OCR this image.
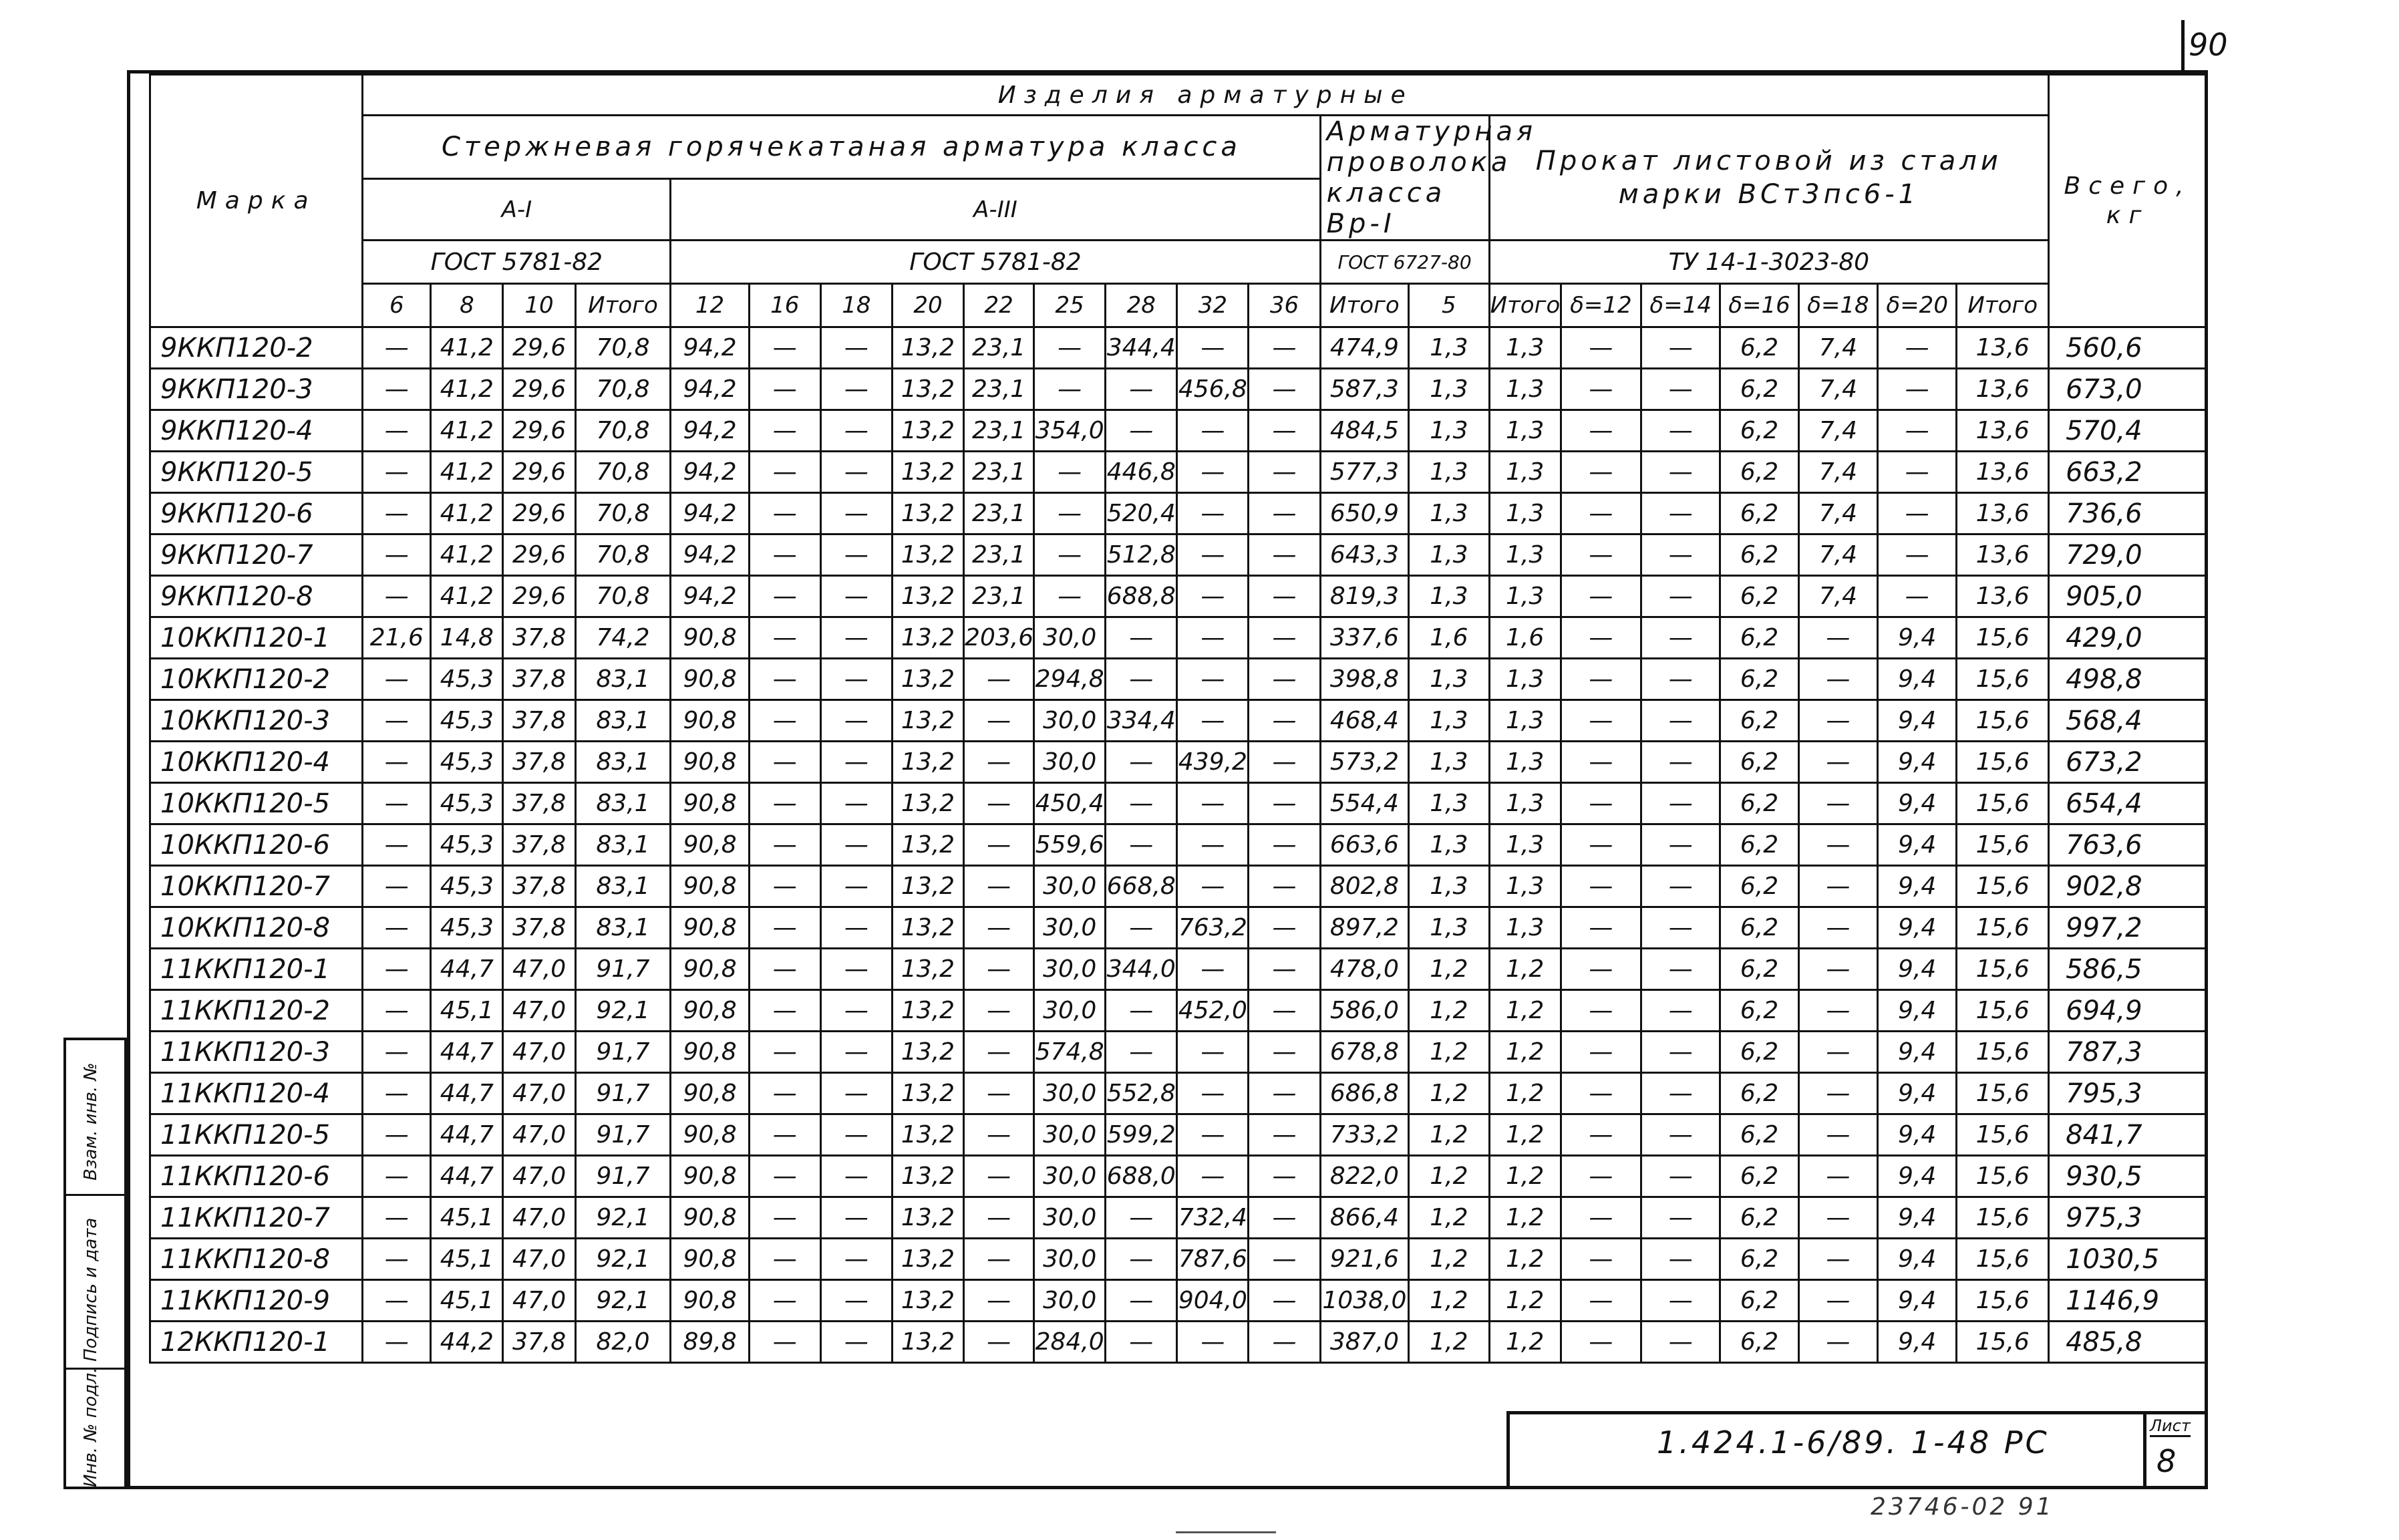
90
Марка	Изделия арматурные																						Всего, кг
	Стержневая горячекатаная арматура класса													Арматурная проволока класса Вр-I		Прокат листовой из стали марки ВСт3пс6-1							
	A-I				A-III																		
	ГОСТ 5781-82				ГОСТ 5781-82									ГОСТ 6727-80		ТУ 14-1-3023-80							
	6	8	10	Итого	12	16	18	20	22	25	28	32	36	Итого	5	Итого	δ=12	δ=14	δ=16	δ=18	δ=20	Итого	
9ККП120-2	—	41,2	29,6	70,8	94,2	—	—	13,2	23,1	—	344,4	—	—	474,9	1,3	1,3	—	—	6,2	7,4	—	13,6	560,6
9ККП120-3	—	41,2	29,6	70,8	94,2	—	—	13,2	23,1	—	—	456,8	—	587,3	1,3	1,3	—	—	6,2	7,4	—	13,6	673,0
9ККП120-4	—	41,2	29,6	70,8	94,2	—	—	13,2	23,1	354,0	—	—	—	484,5	1,3	1,3	—	—	6,2	7,4	—	13,6	570,4
9ККП120-5	—	41,2	29,6	70,8	94,2	—	—	13,2	23,1	—	446,8	—	—	577,3	1,3	1,3	—	—	6,2	7,4	—	13,6	663,2
9ККП120-6	—	41,2	29,6	70,8	94,2	—	—	13,2	23,1	—	520,4	—	—	650,9	1,3	1,3	—	—	6,2	7,4	—	13,6	736,6
9ККП120-7	—	41,2	29,6	70,8	94,2	—	—	13,2	23,1	—	512,8	—	—	643,3	1,3	1,3	—	—	6,2	7,4	—	13,6	729,0
9ККП120-8	—	41,2	29,6	70,8	94,2	—	—	13,2	23,1	—	688,8	—	—	819,3	1,3	1,3	—	—	6,2	7,4	—	13,6	905,0
10ККП120-1	21,6	14,8	37,8	74,2	90,8	—	—	13,2	203,6	30,0	—	—	—	337,6	1,6	1,6	—	—	6,2	—	9,4	15,6	429,0
10ККП120-2	—	45,3	37,8	83,1	90,8	—	—	13,2	—	294,8	—	—	—	398,8	1,3	1,3	—	—	6,2	—	9,4	15,6	498,8
10ККП120-3	—	45,3	37,8	83,1	90,8	—	—	13,2	—	30,0	334,4	—	—	468,4	1,3	1,3	—	—	6,2	—	9,4	15,6	568,4
10ККП120-4	—	45,3	37,8	83,1	90,8	—	—	13,2	—	30,0	—	439,2	—	573,2	1,3	1,3	—	—	6,2	—	9,4	15,6	673,2
10ККП120-5	—	45,3	37,8	83,1	90,8	—	—	13,2	—	450,4	—	—	—	554,4	1,3	1,3	—	—	6,2	—	9,4	15,6	654,4
10ККП120-6	—	45,3	37,8	83,1	90,8	—	—	13,2	—	559,6	—	—	—	663,6	1,3	1,3	—	—	6,2	—	9,4	15,6	763,6
10ККП120-7	—	45,3	37,8	83,1	90,8	—	—	13,2	—	30,0	668,8	—	—	802,8	1,3	1,3	—	—	6,2	—	9,4	15,6	902,8
10ККП120-8	—	45,3	37,8	83,1	90,8	—	—	13,2	—	30,0	—	763,2	—	897,2	1,3	1,3	—	—	6,2	—	9,4	15,6	997,2
11ККП120-1	—	44,7	47,0	91,7	90,8	—	—	13,2	—	30,0	344,0	—	—	478,0	1,2	1,2	—	—	6,2	—	9,4	15,6	586,5
11ККП120-2	—	45,1	47,0	92,1	90,8	—	—	13,2	—	30,0	—	452,0	—	586,0	1,2	1,2	—	—	6,2	—	9,4	15,6	694,9
11ККП120-3	—	44,7	47,0	91,7	90,8	—	—	13,2	—	574,8	—	—	—	678,8	1,2	1,2	—	—	6,2	—	9,4	15,6	787,3
11ККП120-4	—	44,7	47,0	91,7	90,8	—	—	13,2	—	30,0	552,8	—	—	686,8	1,2	1,2	—	—	6,2	—	9,4	15,6	795,3
11ККП120-5	—	44,7	47,0	91,7	90,8	—	—	13,2	—	30,0	599,2	—	—	733,2	1,2	1,2	—	—	6,2	—	9,4	15,6	841,7
11ККП120-6	—	44,7	47,0	91,7	90,8	—	—	13,2	—	30,0	688,0	—	—	822,0	1,2	1,2	—	—	6,2	—	9,4	15,6	930,5
11ККП120-7	—	45,1	47,0	92,1	90,8	—	—	13,2	—	30,0	—	732,4	—	866,4	1,2	1,2	—	—	6,2	—	9,4	15,6	975,3
11ККП120-8	—	45,1	47,0	92,1	90,8	—	—	13,2	—	30,0	—	787,6	—	921,6	1,2	1,2	—	—	6,2	—	9,4	15,6	1030,5
11ККП120-9	—	45,1	47,0	92,1	90,8	—	—	13,2	—	30,0	—	904,0	—	1038,0	1,2	1,2	—	—	6,2	—	9,4	15,6	1146,9
12ККП120-1	—	44,2	37,8	82,0	89,8	—	—	13,2	—	284,0	—	—	—	387,0	1,2	1,2	—	—	6,2	—	9,4	15,6	485,8

Взам. инв. №
Подпись и дата
Инв. № подл.	1.424.1-6/89. 1-48 РС	Лист
8
23746-02 91
